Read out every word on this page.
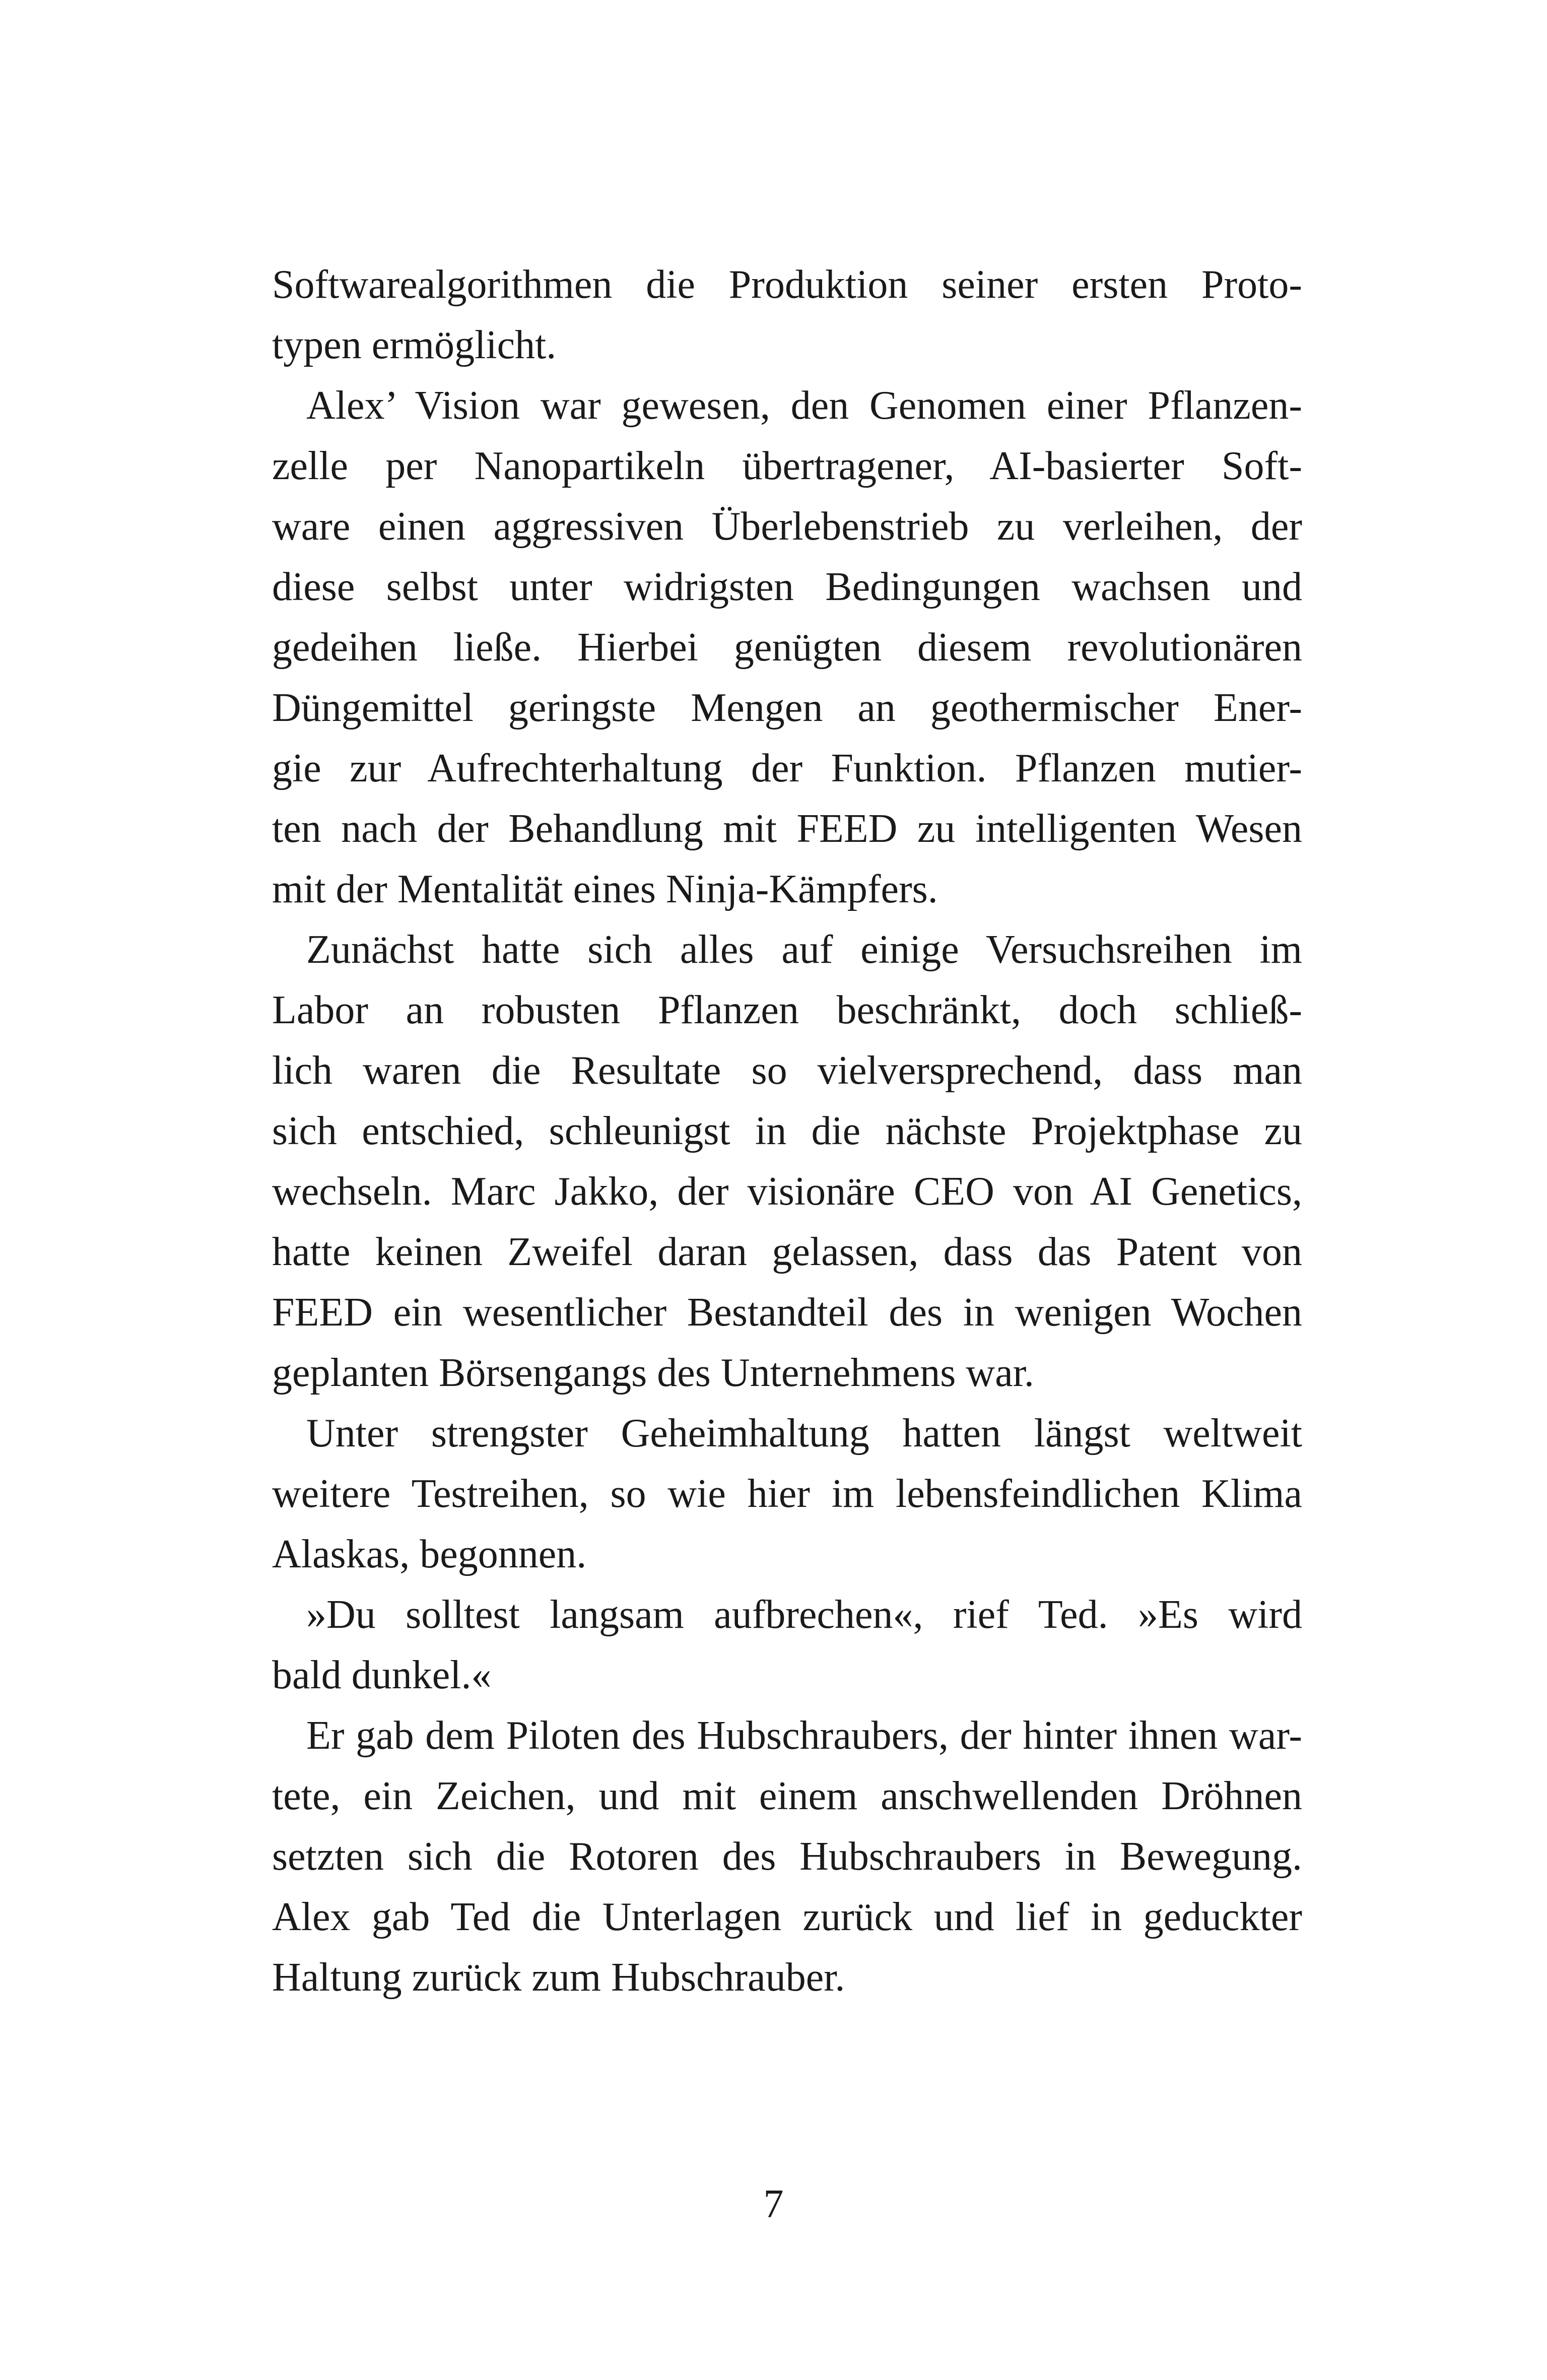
Softwarealgorithmen die Produktion seiner ersten Proto-
typen ermöglicht.
Alex’ Vision war gewesen, den Genomen einer Pflanzen-
zelle per Nanopartikeln übertragener, AI-basierter Soft-
ware einen aggressiven Überlebenstrieb zu verleihen, der
diese selbst unter widrigsten Bedingungen wachsen und
gedeihen ließe. Hierbei genügten diesem revolutionären
Düngemittel geringste Mengen an geothermischer Ener-
gie zur Aufrechterhaltung der Funktion. Pflanzen mutier-
ten nach der Behandlung mit FEED zu intelligenten Wesen
mit der Mentalität eines Ninja-Kämpfers.
Zunächst hatte sich alles auf einige Versuchsreihen im
Labor an robusten Pflanzen beschränkt, doch schließ-
lich waren die Resultate so vielversprechend, dass man
sich entschied, schleunigst in die nächste Projektphase zu
wechseln. Marc Jakko, der visionäre CEO von AI Genetics,
hatte keinen Zweifel daran gelassen, dass das Patent von
FEED ein wesentlicher Bestandteil des in wenigen Wochen
geplanten Börsengangs des Unternehmens war.
Unter strengster Geheimhaltung hatten längst weltweit
weitere Testreihen, so wie hier im lebensfeindlichen Klima
Alaskas, begonnen.
»Du solltest langsam aufbrechen«, rief Ted. »Es wird
bald dunkel.«
Er gab dem Piloten des Hubschraubers, der hinter ihnen war-
tete, ein Zeichen, und mit einem anschwellenden Dröhnen
setzten sich die Rotoren des Hubschraubers in Bewegung.
Alex gab Ted die Unterlagen zurück und lief in geduckter
Haltung zurück zum Hubschrauber.
7
